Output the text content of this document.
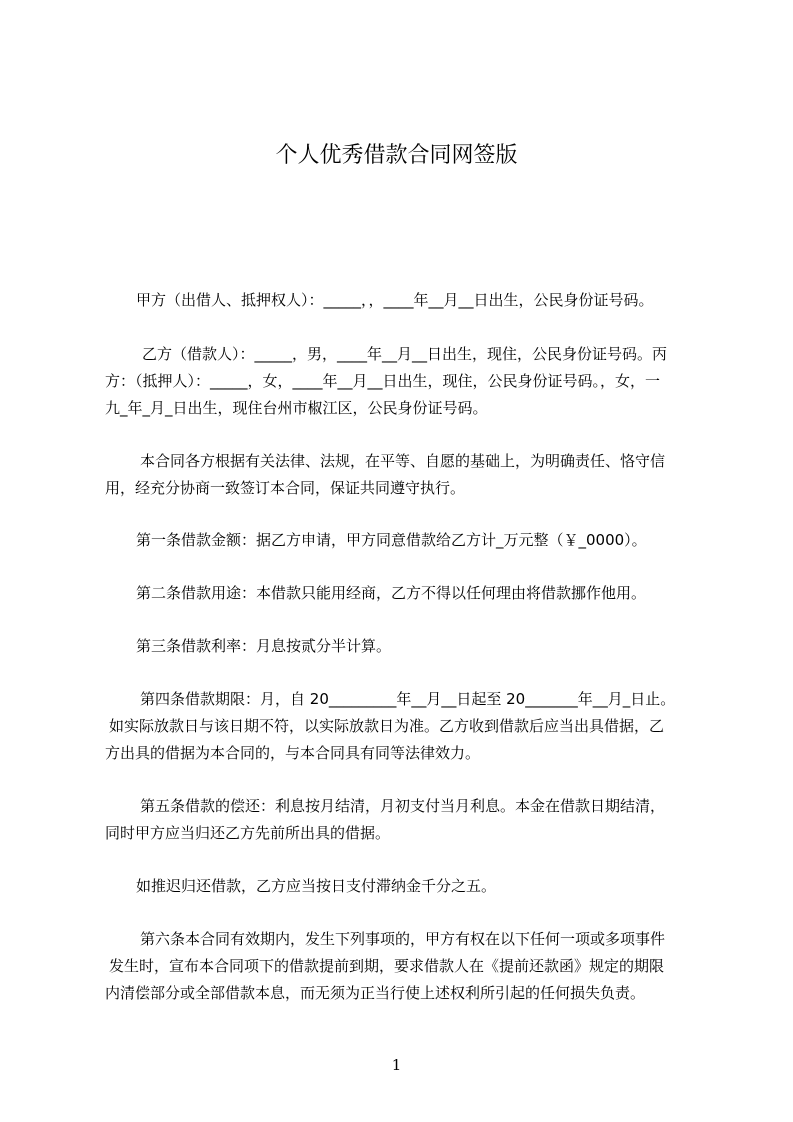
个人优秀借款合同网签版
甲方（出借人、抵押权人）：_____，，____年__月__日出生，公民身份证号码。
乙方（借款人）：_____，男，____年__月__日出生，现住，公民身份证号码。丙
方：（抵押人）：_____，女，____年__月__日出生，现住，公民身份证号码。，女，一
九_年_月_日出生，现住台州市椒江区，公民身份证号码。
本合同各方根据有关法律、法规，在平等、自愿的基础上，为明确责任、恪守信
用，经充分协商一致签订本合同，保证共同遵守执行。
第一条借款金额：据乙方申请，甲方同意借款给乙方计_万元整（￥_0000）。
第二条借款用途：本借款只能用经商，乙方不得以任何理由将借款挪作他用。
第三条借款利率：月息按贰分半计算。
第四条借款期限：月，自 20_________年__月__日起至 20_______年__月_日止。
如实际放款日与该日期不符，以实际放款日为准。乙方收到借款后应当出具借据，乙
方出具的借据为本合同的，与本合同具有同等法律效力。
第五条借款的偿还：利息按月结清，月初支付当月利息。本金在借款日期结清，
同时甲方应当归还乙方先前所出具的借据。
如推迟归还借款，乙方应当按日支付滞纳金千分之五。
第六条本合同有效期内，发生下列事项的，甲方有权在以下任何一项或多项事件
发生时，宣布本合同项下的借款提前到期，要求借款人在《提前还款函》规定的期限
内清偿部分或全部借款本息，而无须为正当行使上述权利所引起的任何损失负责。
1
